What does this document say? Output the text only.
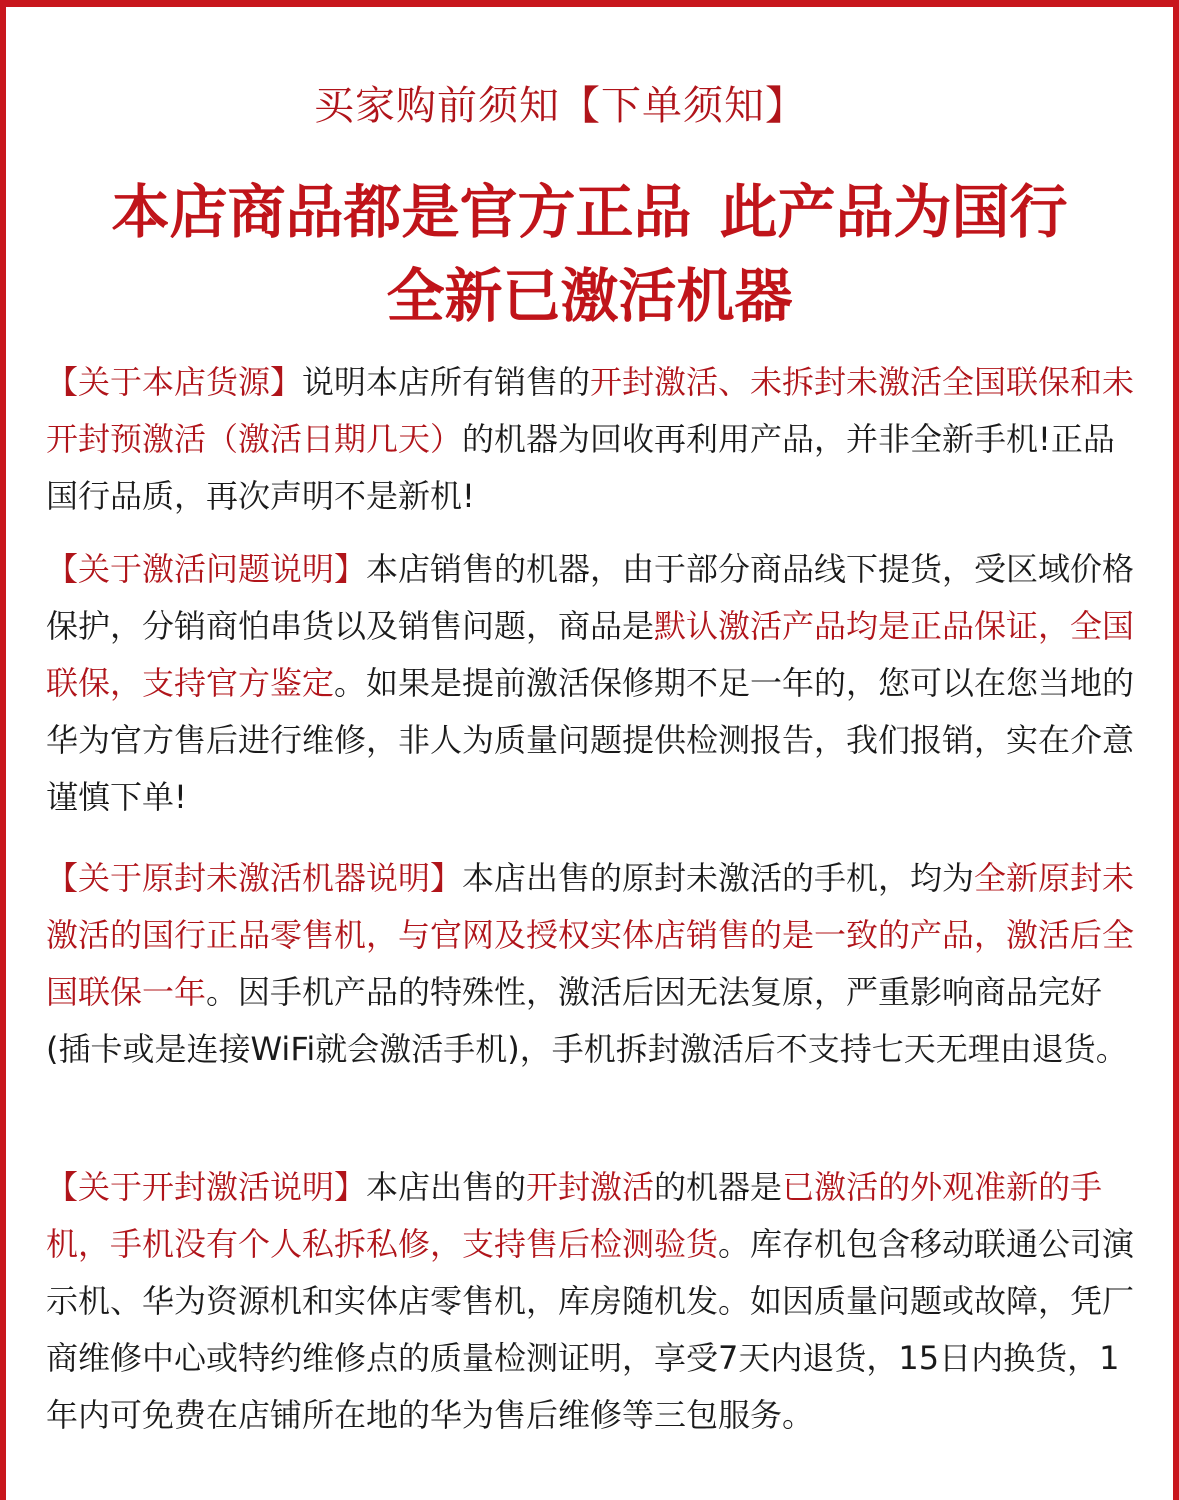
买家购前须知【下单须知】
本店商品都是官方正品 此产品为国行
全新已激活机器

【关于本店货源】说明本店所有销售的开封激活、未拆封未激活全国联保和未开封预激活（激活日期几天）的机器为回收再利用产品，并非全新手机!正品国行品质，再次声明不是新机!

【关于激活问题说明】本店销售的机器，由于部分商品线下提货，受区域价格保护，分销商怕串货以及销售问题，商品是默认激活产品均是正品保证，全国联保，支持官方鉴定。如果是提前激活保修期不足一年的，您可以在您当地的华为官方售后进行维修，非人为质量问题提供检测报告，我们报销，实在介意谨慎下单!

【关于原封未激活机器说明】本店出售的原封未激活的手机，均为全新原封未激活的国行正品零售机，与官网及授权实体店销售的是一致的产品，激活后全国联保一年。因手机产品的特殊性，激活后因无法复原，严重影响商品完好(插卡或是连接WiFi就会激活手机)，手机拆封激活后不支持七天无理由退货。

【关于开封激活说明】本店出售的开封激活的机器是已激活的外观准新的手机，手机没有个人私拆私修，支持售后检测验货。库存机包含移动联通公司演示机、华为资源机和实体店零售机，库房随机发。如因质量问题或故障，凭厂商维修中心或特约维修点的质量检测证明，享受7天内退货，15日内换货，1年内可免费在店铺所在地的华为售后维修等三包服务。
